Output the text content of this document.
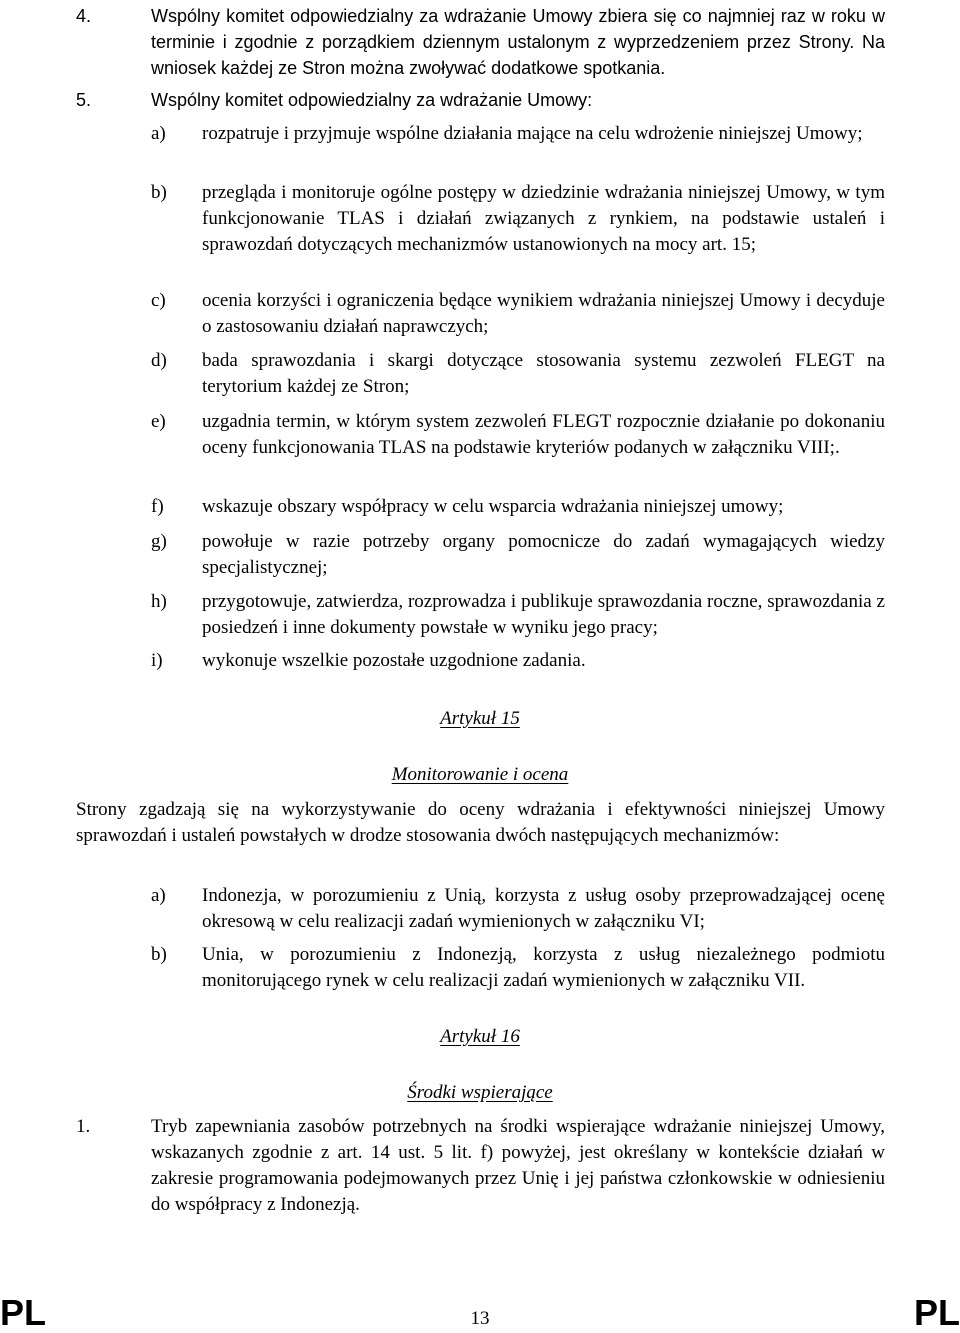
4.	Wspólny komitet odpowiedzialny za wdrażanie Umowy zbiera się co najmniej raz w roku w terminie i zgodnie z porządkiem dziennym ustalonym z wyprzedzeniem przez Strony. Na wniosek każdej ze Stron można zwoływać dodatkowe spotkania.
5.	Wspólny komitet odpowiedzialny za wdrażanie Umowy:
a) rozpatruje i przyjmuje wspólne działania mające na celu wdrożenie niniejszej Umowy;
b) przegląda i monitoruje ogólne postępy w dziedzinie wdrażania niniejszej Umowy, w tym funkcjonowanie TLAS i działań związanych z rynkiem, na podstawie ustaleń i sprawozdań dotyczących mechanizmów ustanowionych na mocy art. 15;
c) ocenia korzyści i ograniczenia będące wynikiem wdrażania niniejszej Umowy i decyduje o zastosowaniu działań naprawczych;
d) bada sprawozdania i skargi dotyczące stosowania systemu zezwoleń FLEGT na terytorium każdej ze Stron;
e) uzgadnia termin, w którym system zezwoleń FLEGT rozpocznie działanie po dokonaniu oceny funkcjonowania TLAS na podstawie kryteriów podanych w załączniku VIII;.
f) wskazuje obszary współpracy w celu wsparcia wdrażania niniejszej umowy;
g) powołuje w razie potrzeby organy pomocnicze do zadań wymagających wiedzy specjalistycznej;
h) przygotowuje, zatwierdza, rozprowadza i publikuje sprawozdania roczne, sprawozdania z posiedzeń i inne dokumenty powstałe w wyniku jego pracy;
i) wykonuje wszelkie pozostałe uzgodnione zadania.
Artykuł 15
Monitorowanie i ocena
Strony zgadzają się na wykorzystywanie do oceny wdrażania i efektywności niniejszej Umowy sprawozdań i ustaleń powstałych w drodze stosowania dwóch następujących mechanizmów:
a) Indonezja, w porozumieniu z Unią, korzysta z usług osoby przeprowadzającej ocenę okresową w celu realizacji zadań wymienionych w załączniku VI;
b) Unia, w porozumieniu z Indonezją, korzysta z usług niezależnego podmiotu monitorującego rynek w celu realizacji zadań wymienionych w załączniku VII.
Artykuł 16
Środki wspierające
1.	Tryb zapewniania zasobów potrzebnych na środki wspierające wdrażanie niniejszej Umowy, wskazanych zgodnie z art. 14 ust. 5 lit. f) powyżej, jest określany w kontekście działań w zakresie programowania podejmowanych przez Unię i jej państwa członkowskie w odniesieniu do współpracy z Indonezją.
PL	13	PL
